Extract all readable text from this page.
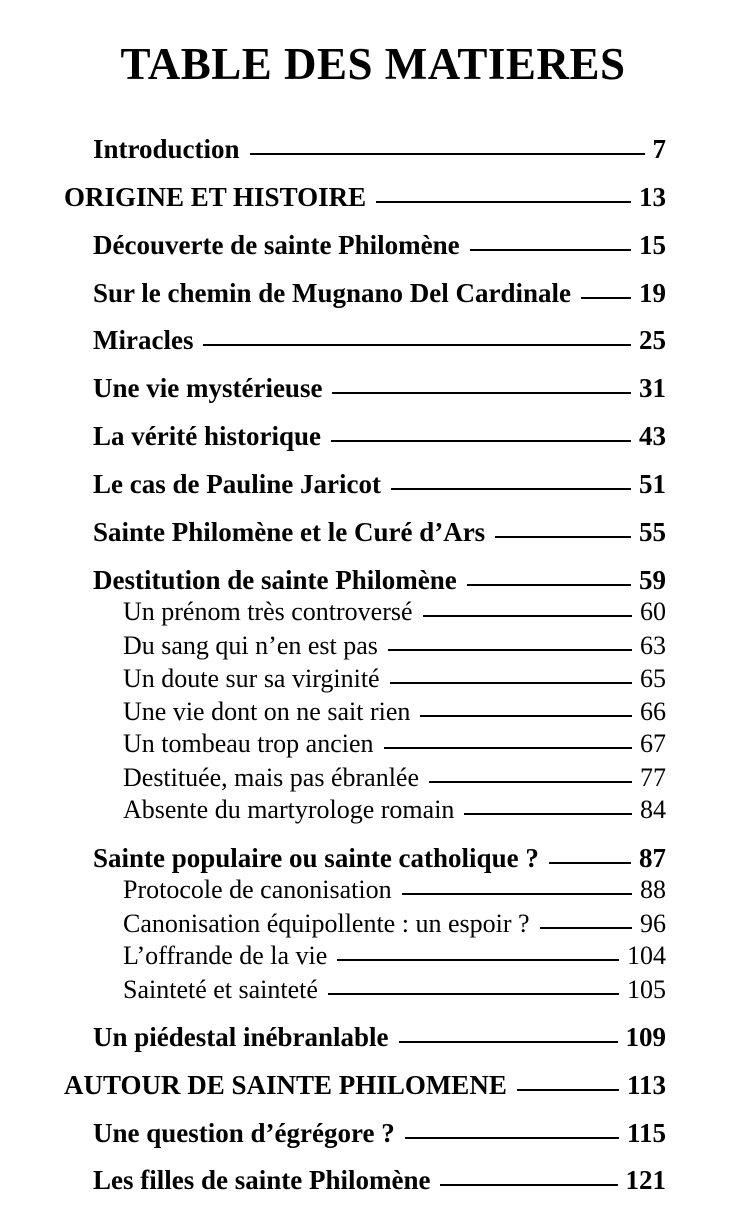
TABLE DES MATIERES
Introduction	7
ORIGINE ET HISTOIRE	13
Découverte de sainte Philomène	15
Sur le chemin de Mugnano Del Cardinale	19
Miracles	25
Une vie mystérieuse	31
La vérité historique	43
Le cas de Pauline Jaricot	51
Sainte Philomène et le Curé d’Ars	55
Destitution de sainte Philomène	59
Un prénom très controversé	60
Du sang qui n’en est pas	63
Un doute sur sa virginité	65
Une vie dont on ne sait rien	66
Un tombeau trop ancien	67
Destituée, mais pas ébranlée	77
Absente du martyrologe romain	84
Sainte populaire ou sainte catholique ?	87
Protocole de canonisation	88
Canonisation équipollente : un espoir ?	96
L’offrande de la vie	104
Sainteté et sainteté	105
Un piédestal inébranlable	109
AUTOUR DE SAINTE PHILOMENE	113
Une question d’égrégore ?	115
Les filles de sainte Philomène	121
